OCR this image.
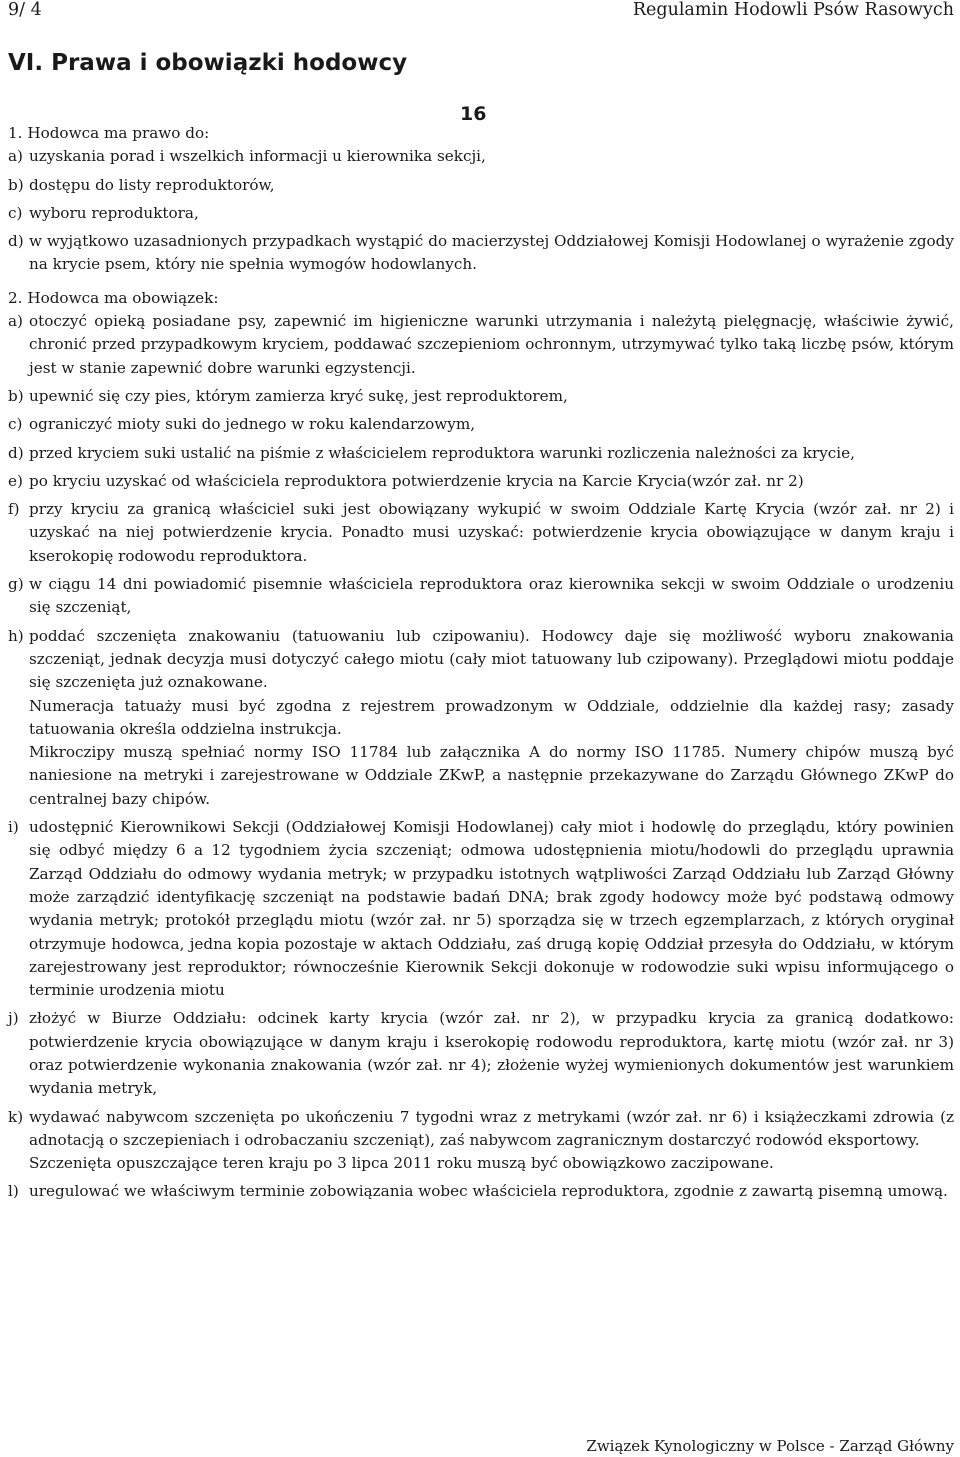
9/ 4	Regulamin Hodowli Psów Rasowych
VI. Prawa i obowiązki hodowcy

16

1. Hodowca ma prawo do:

a) uzyskania porad i wszelkich informacji u kierownika sekcji,
b) dostępu do listy reproduktorów,
c) wyboru reproduktora,
d) w wyjątkowo uzasadnionych przypadkach wystąpić do macierzystej Oddziałowej Komisji Hodowlanej o wyrażenie zgody na krycie psem, który nie spełnia wymogów hodowlanych.

2. Hodowca ma obowiązek:

a) otoczyć opieką posiadane psy, zapewnić im higieniczne warunki utrzymania i należytą pielęgnację, właściwie żywić, chronić przed przypadkowym kryciem, poddawać szczepieniom ochronnym, utrzymywać tylko taką liczbę psów, którym jest w stanie zapewnić dobre warunki egzystencji.
b) upewnić się czy pies, którym zamierza kryć sukę, jest reproduktorem,
c) ograniczyć mioty suki do jednego w roku kalendarzowym,
d) przed kryciem suki ustalić na piśmie z właścicielem reproduktora warunki rozliczenia należności za krycie,
e) po kryciu uzyskać od właściciela reproduktora potwierdzenie krycia na Karcie Krycia(wzór zał. nr 2)
f) przy kryciu za granicą właściciel suki jest obowiązany wykupić w swoim Oddziale Kartę Krycia (wzór zał. nr 2) i uzyskać na niej potwierdzenie krycia. Ponadto musi uzyskać: potwierdzenie krycia obowiązujące w danym kraju i kserokopię rodowodu reproduktora.
g) w ciągu 14 dni powiadomić pisemnie właściciela reproduktora oraz kierownika sekcji w swoim Oddziale o urodzeniu się szczeniąt,
h) poddać szczenięta znakowaniu (tatuowaniu lub czipowaniu). Hodowcy daje się możliwość wyboru znakowania szczeniąt, jednak decyzja musi dotyczyć całego miotu (cały miot tatuowany lub czipowany). Przeglądowi miotu poddaje się szczenięta już oznakowane.
Numeracja tatuaży musi być zgodna z rejestrem prowadzonym w Oddziale, oddzielnie dla każdej rasy; zasady tatuowania określa oddzielna instrukcja.
Mikroczipy muszą spełniać normy ISO 11784 lub załącznika A do normy ISO 11785. Numery chipów muszą być naniesione na metryki i zarejestrowane w Oddziale ZKwP, a następnie przekazywane do Zarządu Głównego ZKwP do centralnej bazy chipów.
i) udostępnić Kierownikowi Sekcji (Oddziałowej Komisji Hodowlanej) cały miot i hodowlę do przeglądu, który powinien się odbyć między 6 a 12 tygodniem życia szczeniąt; odmowa udostępnienia miotu/hodowli do przeglądu uprawnia Zarząd Oddziału do odmowy wydania metryk; w przypadku istotnych wątpliwości Zarząd Oddziału lub Zarząd Główny może zarządzić identyfikację szczeniąt na podstawie badań DNA; brak zgody hodowcy może być podstawą odmowy wydania metryk; protokół przeglądu miotu (wzór zał. nr 5) sporządza się w trzech egzemplarzach, z których oryginał otrzymuje hodowca, jedna kopia pozostaje w aktach Oddziału, zaś drugą kopię Oddział przesyła do Oddziału, w którym zarejestrowany jest reproduktor; równocześnie Kierownik Sekcji dokonuje w rodowodzie suki wpisu informującego o terminie urodzenia miotu
j) złożyć w Biurze Oddziału: odcinek karty krycia (wzór zał. nr 2), w przypadku krycia za granicą dodatkowo: potwierdzenie krycia obowiązujące w danym kraju i kserokopię rodowodu reproduktora, kartę miotu (wzór zał. nr 3) oraz potwierdzenie wykonania znakowania (wzór zał. nr 4); złożenie wyżej wymienionych dokumentów jest warunkiem wydania metryk,
k) wydawać nabywcom szczenięta po ukończeniu 7 tygodni wraz z metrykami (wzór zał. nr 6) i książeczkami zdrowia (z adnotacją o szczepieniach i odrobaczaniu szczeniąt), zaś nabywcom zagranicznym dostarczyć rodowód eksportowy.
Szczenięta opuszczające teren kraju po 3 lipca 2011 roku muszą być obowiązkowo zaczipowane.
l) uregulować we właściwym terminie zobowiązania wobec właściciela reproduktora, zgodnie z zawartą pisemną umową.
Związek Kynologiczny w Polsce - Zarząd Główny
